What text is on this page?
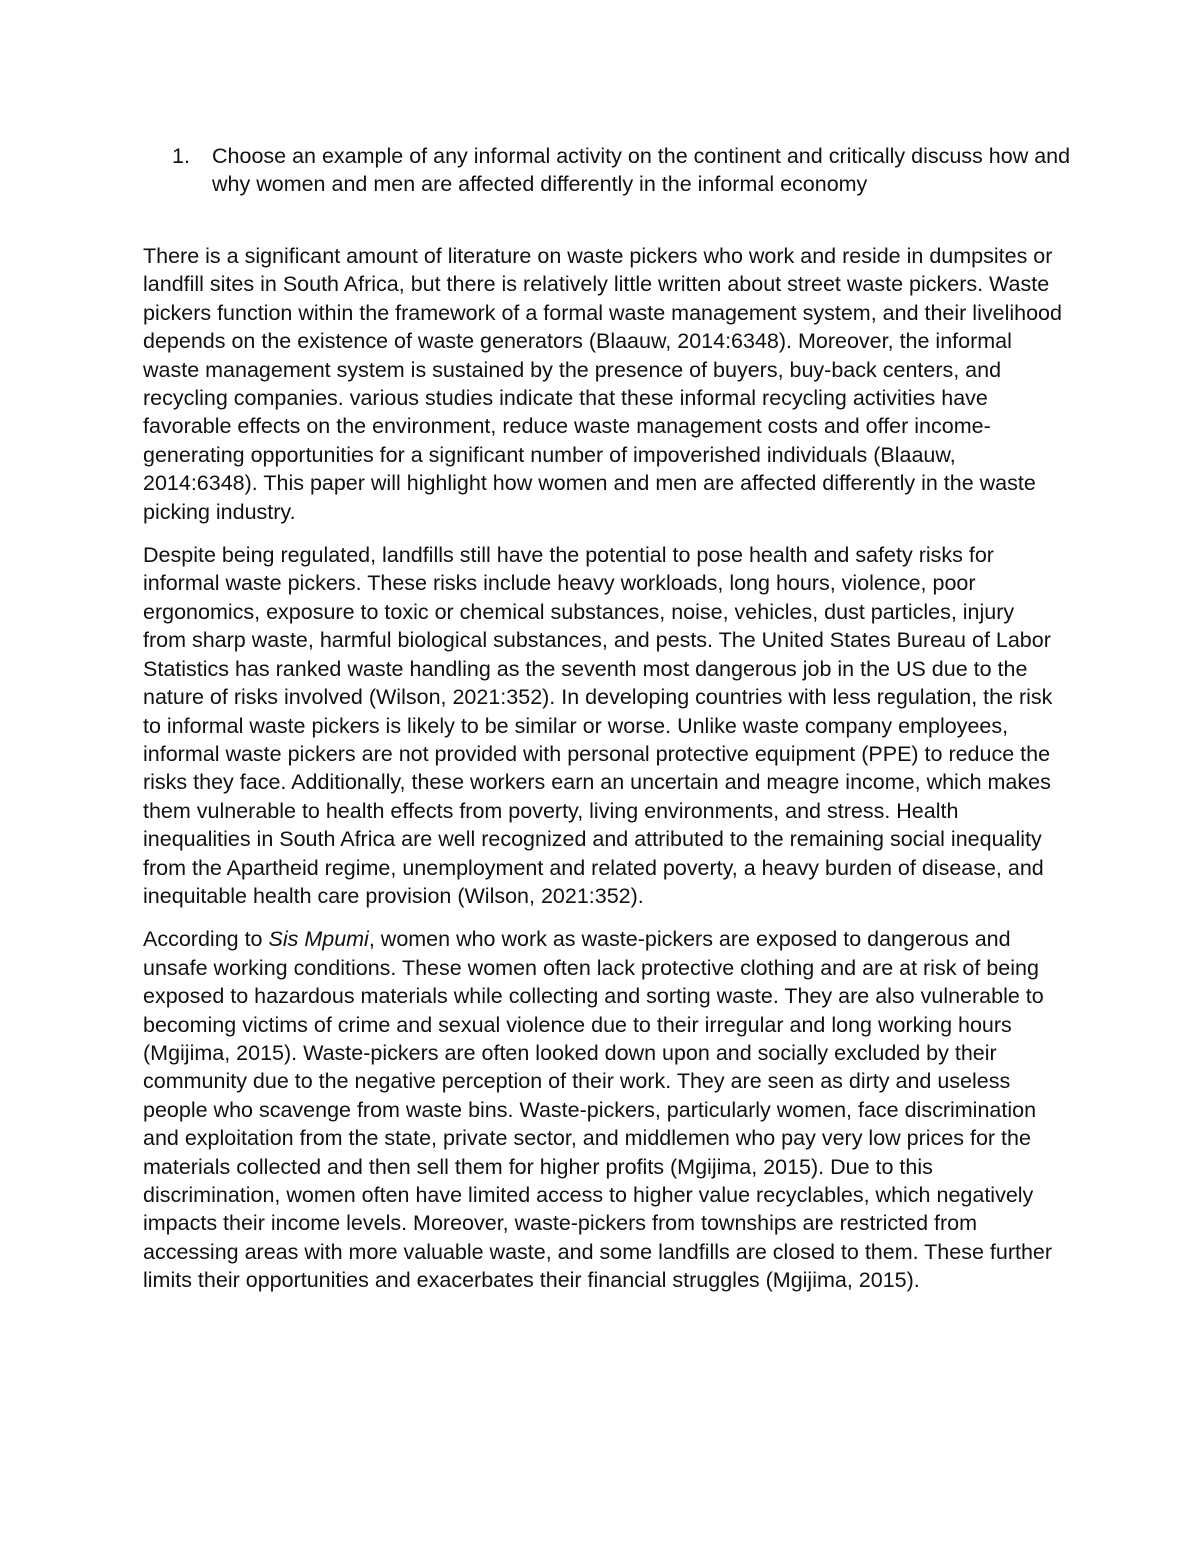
1.	Choose an example of any informal activity on the continent and critically discuss how and why women and men are affected differently in the informal economy

There is a significant amount of literature on waste pickers who work and reside in dumpsites or landfill sites in South Africa, but there is relatively little written about street waste pickers. Waste pickers function within the framework of a formal waste management system, and their livelihood depends on the existence of waste generators (Blaauw, 2014:6348). Moreover, the informal waste management system is sustained by the presence of buyers, buy-back centers, and recycling companies. various studies indicate that these informal recycling activities have favorable effects on the environment, reduce waste management costs and offer income-generating opportunities for a significant number of impoverished individuals (Blaauw, 2014:6348). This paper will highlight how women and men are affected differently in the waste picking industry.

Despite being regulated, landfills still have the potential to pose health and safety risks for informal waste pickers. These risks include heavy workloads, long hours, violence, poor ergonomics, exposure to toxic or chemical substances, noise, vehicles, dust particles, injury from sharp waste, harmful biological substances, and pests. The United States Bureau of Labor Statistics has ranked waste handling as the seventh most dangerous job in the US due to the nature of risks involved (Wilson, 2021:352). In developing countries with less regulation, the risk to informal waste pickers is likely to be similar or worse. Unlike waste company employees, informal waste pickers are not provided with personal protective equipment (PPE) to reduce the risks they face. Additionally, these workers earn an uncertain and meagre income, which makes them vulnerable to health effects from poverty, living environments, and stress. Health inequalities in South Africa are well recognized and attributed to the remaining social inequality from the Apartheid regime, unemployment and related poverty, a heavy burden of disease, and inequitable health care provision (Wilson, 2021:352).

According to Sis Mpumi, women who work as waste-pickers are exposed to dangerous and unsafe working conditions. These women often lack protective clothing and are at risk of being exposed to hazardous materials while collecting and sorting waste. They are also vulnerable to becoming victims of crime and sexual violence due to their irregular and long working hours (Mgijima, 2015). Waste-pickers are often looked down upon and socially excluded by their community due to the negative perception of their work. They are seen as dirty and useless people who scavenge from waste bins. Waste-pickers, particularly women, face discrimination and exploitation from the state, private sector, and middlemen who pay very low prices for the materials collected and then sell them for higher profits (Mgijima, 2015). Due to this discrimination, women often have limited access to higher value recyclables, which negatively impacts their income levels. Moreover, waste-pickers from townships are restricted from accessing areas with more valuable waste, and some landfills are closed to them. These further limits their opportunities and exacerbates their financial struggles (Mgijima, 2015).
